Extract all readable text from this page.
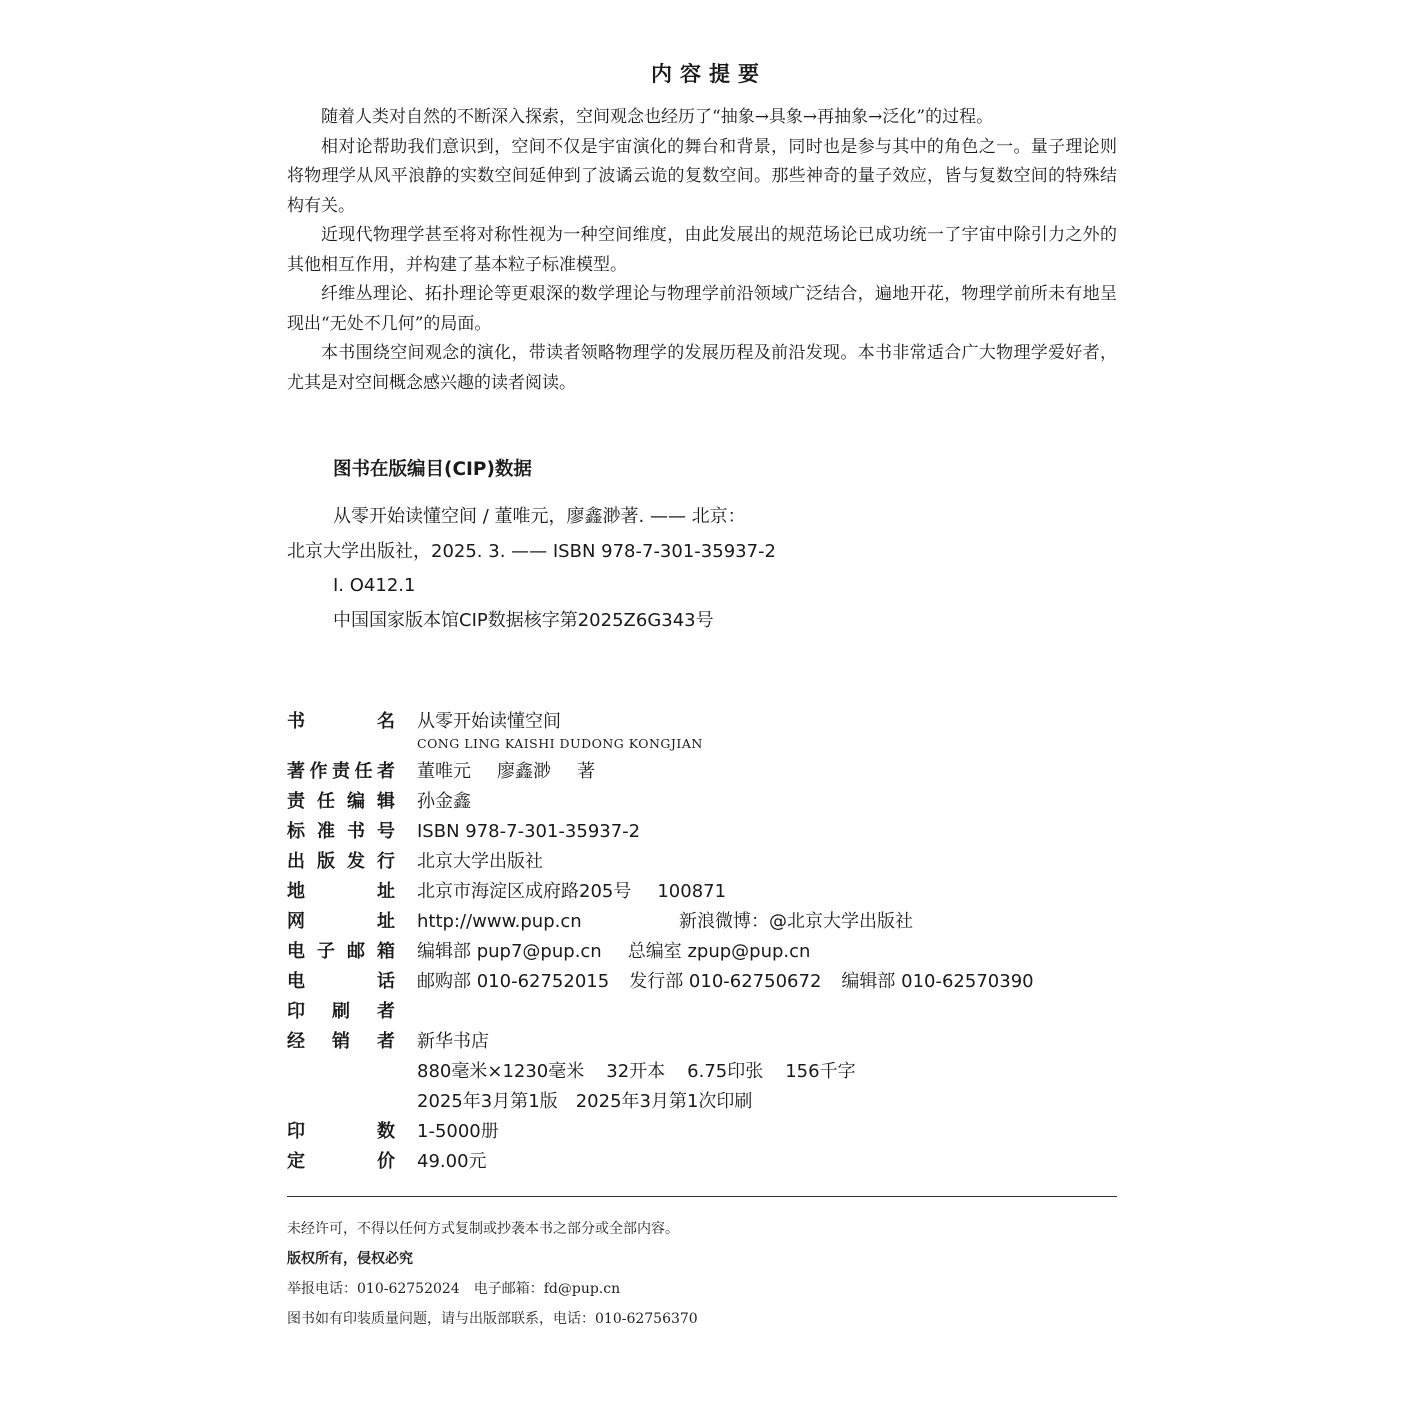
内容提要

随着人类对自然的不断深入探索，空间观念也经历了“抽象→具象→再抽象→泛化”的过程。

相对论帮助我们意识到，空间不仅是宇宙演化的舞台和背景，同时也是参与其中的角色之一。量子理论则将物理学从风平浪静的实数空间延伸到了波谲云诡的复数空间。那些神奇的量子效应，皆与复数空间的特殊结构有关。

近现代物理学甚至将对称性视为一种空间维度，由此发展出的规范场论已成功统一了宇宙中除引力之外的其他相互作用，并构建了基本粒子标准模型。

纤维丛理论、拓扑理论等更艰深的数学理论与物理学前沿领域广泛结合，遍地开花，物理学前所未有地呈现出“无处不几何”的局面。

本书围绕空间观念的演化，带读者领略物理学的发展历程及前沿发现。本书非常适合广大物理学爱好者，尤其是对空间概念感兴趣的读者阅读。

图书在版编目(CIP)数据
从零开始读懂空间 / 董唯元，廖鑫渺著. —— 北京：
北京大学出版社，2025. 3. —— ISBN 978-7-301-35937-2
Ⅰ. O412.1
中国国家版本馆CIP数据核字第2025Z6G343号
书	名 从零开始读懂空间
CONG LING KAISHI DUDONG KONGJIAN
著 作 责 任 者 董唯元 廖鑫渺 著
责 任 编 辑 孙金鑫
标 准 书 号 ISBN 978-7-301-35937-2
出 版 发 行 北京大学出版社
地	址 北京市海淀区成府路205号 100871
网	址 http://www.pup.cn	新浪微博：@北京大学出版社
电 子 邮 箱 编辑部 pup7@pup.cn 总编室 zpup@pup.cn
电	话 邮购部 010-62752015 发行部 010-62750672 编辑部 010-62570390
印 刷 者
经 销 者 新华书店
880毫米×1230毫米 32开本 6.75印张 156千字
2025年3月第1版 2025年3月第1次印刷
印	数 1-5000册
定	价 49.00元
未经许可，不得以任何方式复制或抄袭本书之部分或全部内容。
版权所有，侵权必究
举报电话：010-62752024　电子邮箱：fd@pup.cn
图书如有印装质量问题，请与出版部联系，电话：010-62756370
